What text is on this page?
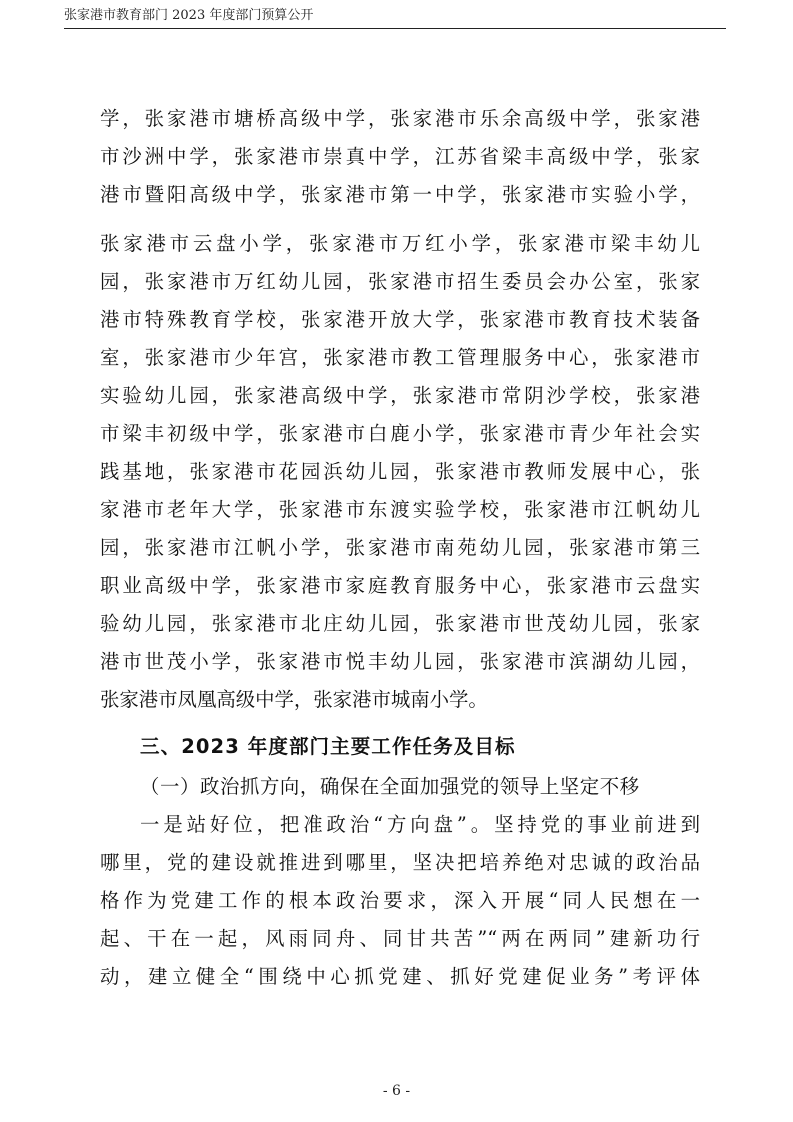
张家港市教育部门 2023 年度部门预算公开
学，张家港市塘桥高级中学，张家港市乐余高级中学，张家港
市沙洲中学，张家港市崇真中学，江苏省梁丰高级中学，张家
港市暨阳高级中学，张家港市第一中学，张家港市实验小学，
张家港市云盘小学，张家港市万红小学，张家港市梁丰幼儿
园，张家港市万红幼儿园，张家港市招生委员会办公室，张家
港市特殊教育学校，张家港开放大学，张家港市教育技术装备
室，张家港市少年宫，张家港市教工管理服务中心，张家港市
实验幼儿园，张家港高级中学，张家港市常阴沙学校，张家港
市梁丰初级中学，张家港市白鹿小学，张家港市青少年社会实
践基地，张家港市花园浜幼儿园，张家港市教师发展中心，张
家港市老年大学，张家港市东渡实验学校，张家港市江帆幼儿
园，张家港市江帆小学，张家港市南苑幼儿园，张家港市第三
职业高级中学，张家港市家庭教育服务中心，张家港市云盘实
验幼儿园，张家港市北庄幼儿园，张家港市世茂幼儿园，张家
港市世茂小学，张家港市悦丰幼儿园，张家港市滨湖幼儿园，
张家港市凤凰高级中学，张家港市城南小学。
三、2023 年度部门主要工作任务及目标
（一）政治抓方向，确保在全面加强党的领导上坚定不移
一是站好位，把准政治“方向盘”。坚持党的事业前进到
哪里，党的建设就推进到哪里，坚决把培养绝对忠诚的政治品
格作为党建工作的根本政治要求，深入开展“同人民想在一
起、干在一起，风雨同舟、同甘共苦”“两在两同”建新功行
动，建立健全“围绕中心抓党建、抓好党建促业务”考评体
- 6 -
